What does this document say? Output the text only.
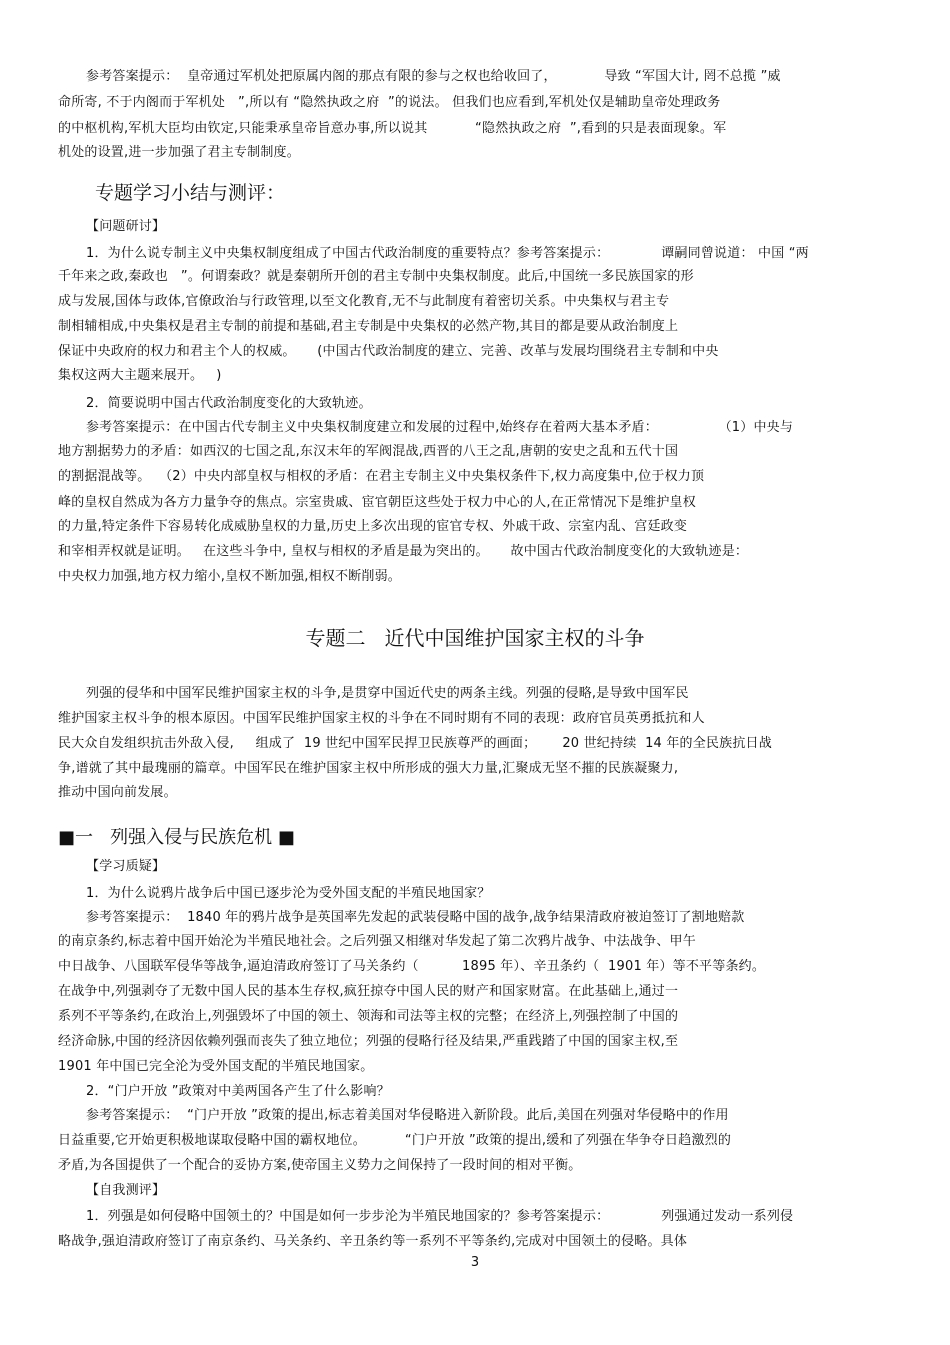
参考答案提示：  皇帝通过军机处把原属内阁的那点有限的参与之权也给收回了，           导致 “军国大计, 罔不总揽 ”威
命所寄, 不于内阁而于军机处   ”,所以有 “隐然执政之府  ”的说法。 但我们也应看到,军机处仅是辅助皇帝处理政务
的中枢机构,军机大臣均由钦定,只能秉承皇帝旨意办事,所以说其           “隐然执政之府  ”,看到的只是表面现象。军
机处的设置,进一步加强了君主专制制度。
专题学习小结与测评：
【问题研讨】
1．为什么说专制主义中央集权制度组成了中国古代政治制度的重要特点？参考答案提示：            谭嗣同曾说道： 中国 “两
千年来之政,秦政也   ”。何谓秦政？就是秦朝所开创的君主专制中央集权制度。此后,中国统一多民族国家的形
成与发展,国体与政体,官僚政治与行政管理,以至文化教育,无不与此制度有着密切关系。中央集权与君主专
制相辅相成,中央集权是君主专制的前提和基础,君主专制是中央集权的必然产物,其目的都是要从政治制度上
保证中央政府的权力和君主个人的权威。     (中国古代政治制度的建立、完善、改革与发展均围绕君主专制和中央
集权这两大主题来展开。   )
2．简要说明中国古代政治制度变化的大致轨迹。
参考答案提示：在中国古代专制主义中央集权制度建立和发展的过程中,始终存在着两大基本矛盾：              （1）中央与
地方割据势力的矛盾：如西汉的七国之乱,东汉末年的军阀混战,西晋的八王之乱,唐朝的安史之乱和五代十国
的割据混战等。  （2）中央内部皇权与相权的矛盾：在君主专制主义中央集权条件下,权力高度集中,位于权力顶
峰的皇权自然成为各方力量争夺的焦点。宗室贵戚、宦官朝臣这些处于权力中心的人,在正常情况下是维护皇权
的力量,特定条件下容易转化成威胁皇权的力量,历史上多次出现的宦官专权、外戚干政、宗室内乱、宫廷政变
和宰相弄权就是证明。   在这些斗争中, 皇权与相权的矛盾是最为突出的。     故中国古代政治制度变化的大致轨迹是：
中央权力加强,地方权力缩小,皇权不断加强,相权不断削弱。
专题二   近代中国维护国家主权的斗争
列强的侵华和中国军民维护国家主权的斗争,是贯穿中国近代史的两条主线。列强的侵略,是导致中国军民
维护国家主权斗争的根本原因。中国军民维护国家主权的斗争在不同时期有不同的表现：政府官员英勇抵抗和人
民大众自发组织抗击外敌入侵,     组成了  19 世纪中国军民捍卫民族尊严的画面；      20 世纪持续  14 年的全民族抗日战
争,谱就了其中最瑰丽的篇章。中国军民在维护国家主权中所形成的强大力量,汇聚成无坚不摧的民族凝聚力,
推动中国向前发展。
■一   列强入侵与民族危机 ■
【学习质疑】
1．为什么说鸦片战争后中国已逐步沦为受外国支配的半殖民地国家？
参考答案提示：  1840 年的鸦片战争是英国率先发起的武装侵略中国的战争,战争结果清政府被迫签订了割地赔款
的南京条约,标志着中国开始沦为半殖民地社会。之后列强又相继对华发起了第二次鸦片战争、中法战争、甲午
中日战争、八国联军侵华等战争,逼迫清政府签订了马关条约（          1895 年）、辛丑条约（  1901 年）等不平等条约。
在战争中,列强剥夺了无数中国人民的基本生存权,疯狂掠夺中国人民的财产和国家财富。在此基础上,通过一
系列不平等条约,在政治上,列强毁坏了中国的领土、领海和司法等主权的完整；在经济上,列强控制了中国的
经济命脉,中国的经济因依赖列强而丧失了独立地位；列强的侵略行径及结果,严重践踏了中国的国家主权,至
1901 年中国已完全沦为受外国支配的半殖民地国家。
2．“门户开放 ”政策对中美两国各产生了什么影响？
参考答案提示：  “门户开放 ”政策的提出,标志着美国对华侵略进入新阶段。此后,美国在列强对华侵略中的作用
日益重要,它开始更积极地谋取侵略中国的霸权地位。         “门户开放 ”政策的提出,缓和了列强在华争夺日趋激烈的
矛盾,为各国提供了一个配合的妥协方案,使帝国主义势力之间保持了一段时间的相对平衡。
【自我测评】
1．列强是如何侵略中国领土的？中国是如何一步步沦为半殖民地国家的？参考答案提示：            列强通过发动一系列侵
略战争,强迫清政府签订了南京条约、马关条约、辛丑条约等一系列不平等条约,完成对中国领土的侵略。具体
3
